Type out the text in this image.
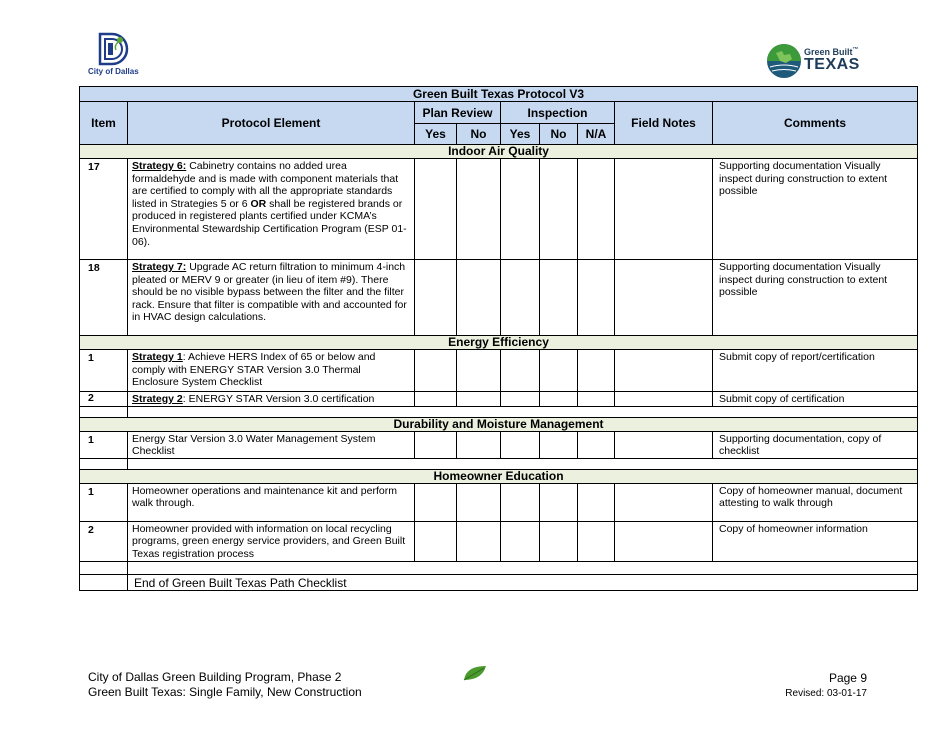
City of Dallas
Green Built™
TEXAS
Green Built Texas Protocol V3								
Item	Protocol Element	Plan Review		Inspection			Field Notes	Comments
		Yes	No	Yes	No	N/A		
Indoor Air Quality								
17	Strategy 6: Cabinetry contains no added urea formaldehyde and is made with component materials that are certified to comply with all the appropriate standards listed in Strategies 5 or 6 OR shall be registered brands or produced in registered plants certified under KCMA’s Environmental Stewardship Certification Program (ESP 01-06).							Supporting documentation Visually inspect during construction to extent possible
18	Strategy 7: Upgrade AC return filtration to minimum 4-inch pleated or MERV 9 or greater (in lieu of item #9). There should be no visible bypass between the filter and the filter rack. Ensure that filter is compatible with and accounted for in HVAC design calculations.							Supporting documentation Visually inspect during construction to extent possible
Energy Efficiency								
1	Strategy 1: Achieve HERS Index of 65 or below and comply with ENERGY STAR Version 3.0 Thermal Enclosure System Checklist							Submit copy of report/certification
2	Strategy 2: ENERGY STAR Version 3.0 certification							Submit copy of certification

Durability and Moisture Management								
1	Energy Star Version 3.0 Water Management System Checklist							Supporting documentation, copy of checklist

Homeowner Education								
1	Homeowner operations and maintenance kit and perform walk through.							Copy of homeowner manual, document attesting to walk through
2	Homeowner provided with information on local recycling programs, green energy service providers, and Green Built Texas registration process							Copy of homeowner information

	End of Green Built Texas Path Checklist							
City of Dallas Green Building Program, Phase 2
Green Built Texas: Single Family, New Construction
Page 9
Revised: 03-01-17
